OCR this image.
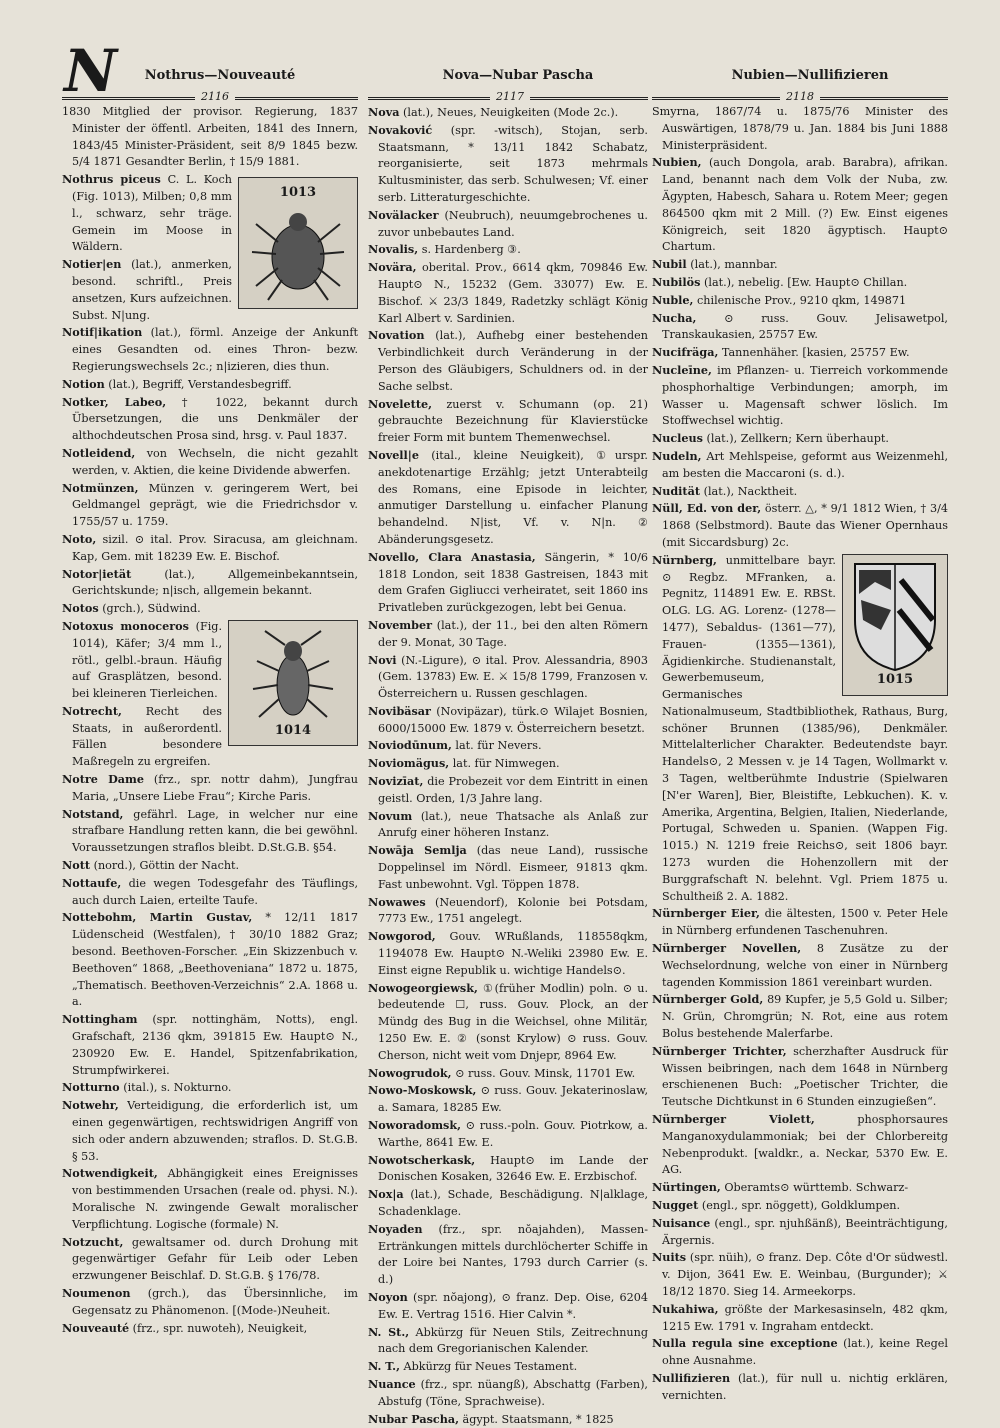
N	Nothrus—Nouveauté	Nova—Nubar Pascha	Nubien—Nullifizieren
2116	2117	2118

1830 Mitglied der provisor. Regierung, 1837 Minister der öffentl. Arbeiten, 1841 des Innern, 1843/45 Minister-Präsident, seit 8/9 1845 bezw. 5/4 1871 Gesandter Berlin, † 15/9 1881.

1013

Nothrus piceus C. L. Koch (Fig. 1013), Milben; 0,8 mm l., schwarz, sehr träge. Gemein im Moose in Wäldern.

Notier|en (lat.), anmerken, besond. schriftl., Preis ansetzen, Kurs aufzeichnen. Subst. N|ung.

Notif|ikation (lat.), förml. Anzeige der Ankunft eines Gesandten od. eines Thron- bezw. Regierungswechsels 2c.; n|izieren, dies thun.

Notion (lat.), Begriff, Verstandesbegriff.

Notker, Labeo, † 1022, bekannt durch Übersetzungen, die uns Denkmäler der althochdeutschen Prosa sind, hrsg. v. Paul 1837.

Notleidend, von Wechseln, die nicht gezahlt werden, v. Aktien, die keine Dividende abwerfen.

Notmünzen, Münzen v. geringerem Wert, bei Geldmangel geprägt, wie die Friedrichsdor v. 1755/57 u. 1759.

Noto, sizil. ⊙ ital. Prov. Siracusa, am gleichnam. Kap, Gem. mit 18239 Ew. E. Bischof.

Notor|ietät	(lat.), Allgemeinbekanntsein, Gerichtskunde; n|isch, allgemein bekannt.

Notos (grch.), Südwind.

1014

Notoxus monoceros (Fig. 1014), Käfer; 3/4 mm l., rötl., gelbl.-braun. Häufig auf Grasplätzen, besond. bei kleineren Tierleichen.

Notrecht, Recht des Staats, in außerordentl. Fällen besondere Maßregeln zu ergreifen.

Notre Dame (frz., spr. nottr dahm), Jungfrau Maria, „Unsere Liebe Frau“; Kirche Paris.

Notstand, gefährl. Lage, in welcher nur eine strafbare Handlung retten kann, die bei gewöhnl. Voraussetzungen straflos bleibt. D.St.G.B. §54.

Nott (nord.), Göttin der Nacht.

Nottaufe, die wegen Todesgefahr des Täuflings, auch durch Laien, erteilte Taufe.

Nottebohm, Martin Gustav, * 12/11 1817 Lüdenscheid (Westfalen), † 30/10 1882 Graz; besond. Beethoven-Forscher. „Ein Skizzenbuch v. Beethoven“ 1868, „Beethoveniana“ 1872 u. 1875, „Thematisch. Beethoven-Verzeichnis“ 2.A. 1868 u. a.

Nottingham (spr. nottinghäm, Notts), engl. Grafschaft, 2136 qkm, 391815 Ew. Haupt⊙ N., 230920 Ew. E. Handel, Spitzenfabrikation, Strumpfwirkerei.

Notturno (ital.), s. Nokturno.

Notwehr, Verteidigung, die erforderlich ist, um einen gegenwärtigen, rechtswidrigen Angriff von sich oder andern abzuwenden; straflos. D. St.G.B. § 53.

Notwendigkeit, Abhängigkeit eines Ereignisses von bestimmenden Ursachen (reale od. physi. N.). Moralische N. zwingende Gewalt moralischer Verpflichtung. Logische (formale) N.

Notzucht, gewaltsamer od. durch Drohung mit gegenwärtiger Gefahr für Leib oder Leben erzwungener Beischlaf. D. St.G.B. § 176/78.

Noumenon (grch.), das Übersinnliche, im Gegensatz zu Phänomenon. [(Mode-)Neuheit.

Nouveauté (frz., spr. nuwoteh), Neuigkeit,

Nova (lat.), Neues, Neuigkeiten (Mode 2c.).

Novaković (spr. -witsch), Stojan, serb. Staatsmann, * 13/11 1842 Schabatz, reorganisierte, seit 1873 mehrmals Kultusminister, das serb. Schulwesen; Vf. einer serb. Litteraturgeschichte.

Novälacker (Neubruch), neuumgebrochenes u. zuvor unbebautes Land.

Novalis, s. Hardenberg ③.

Novära, oberital. Prov., 6614 qkm, 709846 Ew. Haupt⊙ N., 15232 (Gem. 33077) Ew. E. Bischof. ⚔ 23/3 1849, Radetzky schlägt König Karl Albert v. Sardinien.

Novation (lat.), Aufhebg einer bestehenden Verbindlichkeit durch Veränderung in der Person des Gläubigers, Schuldners od. in der Sache selbst.

Novelette, zuerst v. Schumann (op. 21) gebrauchte Bezeichnung für Klavierstücke freier Form mit buntem Themenwechsel.

Novell|e (ital., kleine Neuigkeit), ①urspr. anekdotenartige Erzählg; jetzt Unterabteilg des Romans, eine Episode in leichter, anmutiger Darstellung u. einfacher Planung behandelnd. N|ist, Vf. v. N|n. ② Abänderungsgesetz.

Novello, Clara Anastasia, Sängerin, * 10/6 1818 London, seit 1838 Gastreisen, 1843 mit dem Grafen Gigliucci verheiratet, seit 1860 ins Privatleben zurückgezogen, lebt bei Genua.

November (lat.), der 11., bei den alten Römern der 9. Monat, 30 Tage.

Novi (N.-Ligure), ⊙ ital. Prov. Alessandria, 8903 (Gem. 13783) Ew. E. ⚔ 15/8 1799, Franzosen v. Österreichern u. Russen geschlagen.

Novibäsar (Novipäzar), türk.⊙ Wilajet Bosnien, 6000/15000 Ew. 1879 v. Österreichern besetzt.

Noviodūnum, lat. für Nevers.

Noviomägus, lat. für Nimwegen.

Novizīat, die Probezeit vor dem Eintritt in einen geistl. Orden, 1/3 Jahre lang.

Novum (lat.), neue Thatsache als Anlaß zur Anrufg einer höheren Instanz.

Nowāja Semlja (das neue Land), russische Doppelinsel im Nördl. Eismeer, 91813 qkm. Fast unbewohnt. Vgl. Töppen 1878.

Nowawes (Neuendorf), Kolonie bei Potsdam, 7773 Ew., 1751 angelegt.

Nowgorod, Gouv. WRußlands, 118558qkm, 1194078 Ew. Haupt⊙ N.-Weliki 23980 Ew. E. Einst eigne Republik u. wichtige Handels⊙.

Nowogeorgiewsk, ①(früher Modlin) poln. ⊙ u. bedeutende ☐, russ. Gouv. Plock, an der Mündg des Bug in die Weichsel, ohne Militär, 1250 Ew. E. ② (sonst Krylow) ⊙ russ. Gouv. Cherson, nicht weit vom Dnjepr, 8964 Ew.

Nowogrudok, ⊙ russ. Gouv. Minsk, 11701 Ew.

Nowo-Moskowsk, ⊙ russ. Gouv. Jekaterinoslaw, a. Samara, 18285 Ew.

Noworadomsk, ⊙ russ.-poln. Gouv. Piotrkow, a. Warthe, 8641 Ew. E.

Nowotscherkask, Haupt⊙ im Lande der Donischen Kosaken, 32646 Ew. E. Erzbischof.

Nox|a (lat.), Schade, Beschädigung. N|alklage, Schadenklage.

Noyaden (frz., spr. nŏajahden), Massen-Ertränkungen mittels durchlöcherter Schiffe in der Loire bei Nantes, 1793 durch Carrier (s. d.)

Noyon (spr. nŏajong), ⊙ franz. Dep. Oise, 6204 Ew. E. Vertrag 1516. Hier Calvin *.

N. St., Abkürzg für Neuen Stils, Zeitrechnung nach dem Gregorianischen Kalender.

N. T., Abkürzg für Neues Testament.

Nuance (frz., spr. nüangß), Abschattg (Farben), Abstufg (Töne, Sprachweise).

Nubar Pascha, ägypt. Staatsmann, * 1825

Smyrna, 1867/74 u. 1875/76 Minister des Auswärtigen, 1878/79 u. Jan. 1884 bis Juni 1888 Ministerpräsident.

Nubien, (auch Dongola, arab. Barabra), afrikan. Land, benannt nach dem Volk der Nuba, zw. Ägypten, Habesch, Sahara u. Rotem Meer; gegen 864500 qkm mit 2 Mill. (?) Ew. Einst eigenes Königreich, seit 1820 ägyptisch. Haupt⊙ Chartum.

Nubil (lat.), mannbar.

Nubilös (lat.), nebelig. [Ew. Haupt⊙ Chillan.

Nuble, chilenische Prov., 9210 qkm, 149871

Nucha, ⊙ russ. Gouv. Jelisawetpol, Transkaukasien, 25757 Ew.

Nucifräga, Tannenhäher. [kasien, 25757 Ew.

Nucleīne, im Pflanzen- u. Tierreich vorkommende phosphorhaltige Verbindungen; amorph, im Wasser u. Magensaft schwer löslich. Im Stoffwechsel wichtig.

Nucleus (lat.), Zellkern; Kern überhaupt.

Nudeln, Art Mehlspeise, geformt aus Weizenmehl, am besten die Maccaroni (s. d.).

Nudität (lat.), Nacktheit.

Nüll, Ed. von der, österr. △, * 9/1 1812 Wien, † 3/4 1868 (Selbstmord). Baute das Wiener Opernhaus (mit Siccardsburg) 2c.

1015

Nürnberg, unmittelbare bayr. ⊙ Regbz. MFranken, a. Pegnitz, 114891 Ew. E. RBSt. OLG. LG. AG. Lorenz- (1278—1477), Sebaldus- (1361—77), Frauen- (1355—1361), Ägidienkirche. Studienanstalt, Gewerbemuseum, Germanisches Nationalmuseum, Stadtbibliothek, Rathaus, Burg, schöner Brunnen (1385/96), Denkmäler. Mittelalterlicher Charakter. Bedeutendste bayr. Handels⊙, 2 Messen v. je 14 Tagen, Wollmarkt v. 3 Tagen, weltberühmte Industrie (Spielwaren [N'er Waren], Bier, Bleistifte, Lebkuchen). K. v. Amerika, Argentina, Belgien, Italien, Niederlande, Portugal, Schweden u. Spanien. (Wappen Fig. 1015.) N. 1219 freie Reichs⊙, seit 1806 bayr. 1273 wurden die Hohenzollern mit der Burggrafschaft N. belehnt. Vgl. Priem 1875 u. Schultheiß 2. A. 1882.

Nürnberger Eier, die ältesten, 1500 v. Peter Hele in Nürnberg erfundenen Taschenuhren.

Nürnberger Novellen, 8 Zusätze zu der Wechselordnung, welche von einer in Nürnberg tagenden Kommission 1861 vereinbart wurden.

Nürnberger Gold, 89 Kupfer, je 5,5 Gold u. Silber; N. Grün, Chromgrün; N. Rot, eine aus rotem Bolus bestehende Malerfarbe.

Nürnberger Trichter, scherzhafter Ausdruck für Wissen beibringen, nach dem 1648 in Nürnberg erschienenen Buch: „Poetischer Trichter, die Teutsche Dichtkunst in 6 Stunden einzugießen“.

Nürnberger Violett,	phosphorsaures Manganoxydulammoniak; bei der Chlorbereitg Nebenprodukt. [waldkr., a. Neckar, 5370 Ew. E. AG.

Nürtingen, Oberamts⊙ württemb. Schwarz-

Nugget (engl., spr. nöggett), Goldklumpen.

Nuisance (engl., spr. njuhßänß), Beeinträchtigung, Ärgernis.

Nuits (spr. nüih), ⊙ franz. Dep. Côte d'Or südwestl. v. Dijon, 3641 Ew. E. Weinbau, (Burgunder); ⚔ 18/12 1870. Sieg 14. Armeekorps.

Nukahiwa, größte der Markesasinseln, 482 qkm, 1215 Ew. 1791 v. Ingraham entdeckt.

Nulla regula sine exceptione (lat.), keine Regel ohne Ausnahme.

Nullifizieren (lat.), für null u. nichtig erklären, vernichten.
